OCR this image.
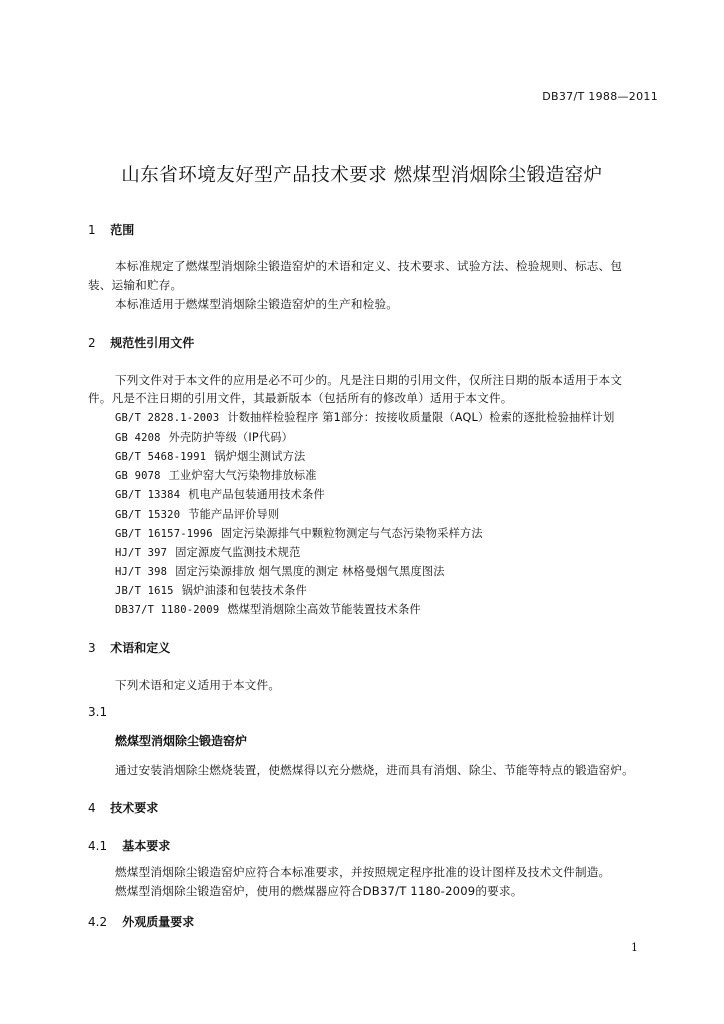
DB37/T 1988—2011
山东省环境友好型产品技术要求 燃煤型消烟除尘锻造窑炉
1 范围
本标准规定了燃煤型消烟除尘锻造窑炉的术语和定义、技术要求、试验方法、检验规则、标志、包
装、运输和贮存。
本标准适用于燃煤型消烟除尘锻造窑炉的生产和检验。
2 规范性引用文件
下列文件对于本文件的应用是必不可少的。凡是注日期的引用文件，仅所注日期的版本适用于本文
件。凡是不注日期的引用文件，其最新版本（包括所有的修改单）适用于本文件。
GB/T 2828.1-2003 计数抽样检验程序 第1部分：按接收质量限（AQL）检索的逐批检验抽样计划
GB 4208 外壳防护等级（IP代码）
GB/T 5468-1991 锅炉烟尘测试方法
GB 9078 工业炉窑大气污染物排放标准
GB/T 13384 机电产品包装通用技术条件
GB/T 15320 节能产品评价导则
GB/T 16157-1996 固定污染源排气中颗粒物测定与气态污染物采样方法
HJ/T 397 固定源废气监测技术规范
HJ/T 398 固定污染源排放 烟气黑度的测定 林格曼烟气黑度图法
JB/T 1615 锅炉油漆和包装技术条件
DB37/T 1180-2009 燃煤型消烟除尘高效节能装置技术条件
3 术语和定义
下列术语和定义适用于本文件。
3.1
燃煤型消烟除尘锻造窑炉
通过安装消烟除尘燃烧装置，使燃煤得以充分燃烧，进而具有消烟、除尘、节能等特点的锻造窑炉。
4 技术要求
4.1 基本要求
燃煤型消烟除尘锻造窑炉应符合本标准要求，并按照规定程序批准的设计图样及技术文件制造。
燃煤型消烟除尘锻造窑炉，使用的燃煤器应符合DB37/T 1180-2009的要求。
4.2 外观质量要求
1
